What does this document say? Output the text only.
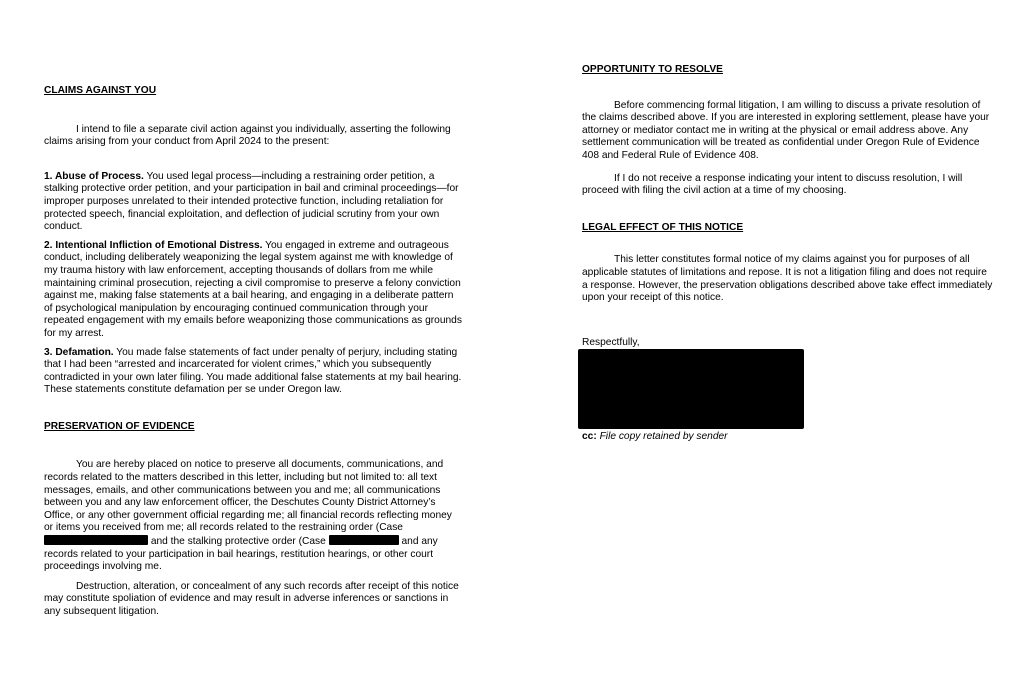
CLAIMS AGAINST YOU

I intend to file a separate civil action against you individually, asserting the following claims arising from your conduct from April 2024 to the present:

1. Abuse of Process. You used legal process—including a restraining order petition, a stalking protective order petition, and your participation in bail and criminal proceedings—for improper purposes unrelated to their intended protective function, including retaliation for protected speech, financial exploitation, and deflection of judicial scrutiny from your own conduct.

2. Intentional Infliction of Emotional Distress. You engaged in extreme and outrageous conduct, including deliberately weaponizing the legal system against me with knowledge of my trauma history with law enforcement, accepting thousands of dollars from me while maintaining criminal prosecution, rejecting a civil compromise to preserve a felony conviction against me, making false statements at a bail hearing, and engaging in a deliberate pattern of psychological manipulation by encouraging continued communication through your repeated engagement with my emails before weaponizing those communications as grounds for my arrest.

3. Defamation. You made false statements of fact under penalty of perjury, including stating that I had been “arrested and incarcerated for violent crimes,” which you subsequently contradicted in your own later filing. You made additional false statements at my bail hearing. These statements constitute defamation per se under Oregon law.

PRESERVATION OF EVIDENCE

You are hereby placed on notice to preserve all documents, communications, and records related to the matters described in this letter, including but not limited to: all text messages, emails, and other communications between you and me; all communications between you and any law enforcement officer, the Deschutes County District Attorney’s Office, or any other government official regarding me; all financial records reflecting money or items you received from me; all records related to the restraining order (Case  and the stalking protective order (Case	and any records related to your participation in bail hearings, restitution hearings, or other court proceedings involving me.

Destruction, alteration, or concealment of any such records after receipt of this notice may constitute spoliation of evidence and may result in adverse inferences or sanctions in any subsequent litigation.

OPPORTUNITY TO RESOLVE

Before commencing formal litigation, I am willing to discuss a private resolution of the claims described above. If you are interested in exploring settlement, please have your attorney or mediator contact me in writing at the physical or email address above. Any settlement communication will be treated as confidential under Oregon Rule of Evidence 408 and Federal Rule of Evidence 408.

If I do not receive a response indicating your intent to discuss resolution, I will proceed with filing the civil action at a time of my choosing.

LEGAL EFFECT OF THIS NOTICE

This letter constitutes formal notice of my claims against you for purposes of all applicable statutes of limitations and repose. It is not a litigation filing and does not require a response. However, the preservation obligations described above take effect immediately upon your receipt of this notice.

Respectfully,

cc: File copy retained by sender
